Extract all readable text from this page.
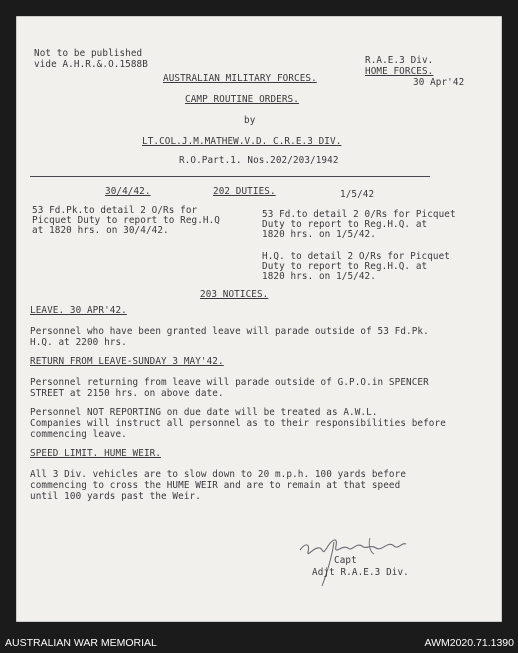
Not to be published
vide A.H.R.&.O.1588B	R.A.E.3 Div.
HOME FORCES.
30 Apr'42
AUSTRALIAN MILITARY FORCES.
CAMP ROUTINE ORDERS.
by
LT.COL.J.M.MATHEW.V.D. C.R.E.3 DIV.
R.O.Part.1. Nos.202/203/1942
30/4/42.	202 DUTIES.	1/5/42
53 Fd.Pk.to detail 2 O/Rs for
Picquet Duty to report to Reg.H.Q
at 1820 hrs. on 30/4/42.
53 Fd.to detail 2 0/Rs for Picquet
Duty to report to Reg.H.Q. at
1820 hrs. on 1/5/42.
H.Q. to detail 2 O/Rs for Picquet
Duty to report to Reg.H.Q. at
1820 hrs. on 1/5/42.
203 NOTICES.
LEAVE. 30 APR'42.
Personnel who have been granted leave will parade outside of 53 Fd.Pk.
H.Q. at 2200 hrs.
RETURN FROM LEAVE-SUNDAY 3 MAY'42.
Personnel returning from leave will parade outside of G.P.O.in SPENCER
STREET at 2150 hrs. on above date.
Personnel NOT REPORTING on due date will be treated as A.W.L.
Companies will instruct all personnel as to their responsibilities before
commencing leave.
SPEED LIMIT. HUME WEIR.
All 3 Div. vehicles are to slow down to 20 m.p.h. 100 yards before
commencing to cross the HUME WEIR and are to remain at that speed
until 100 yards past the Weir.
Capt
Adjt R.A.E.3 Div.
AUSTRALIAN WAR MEMORIAL	AWM2020.71.1390
